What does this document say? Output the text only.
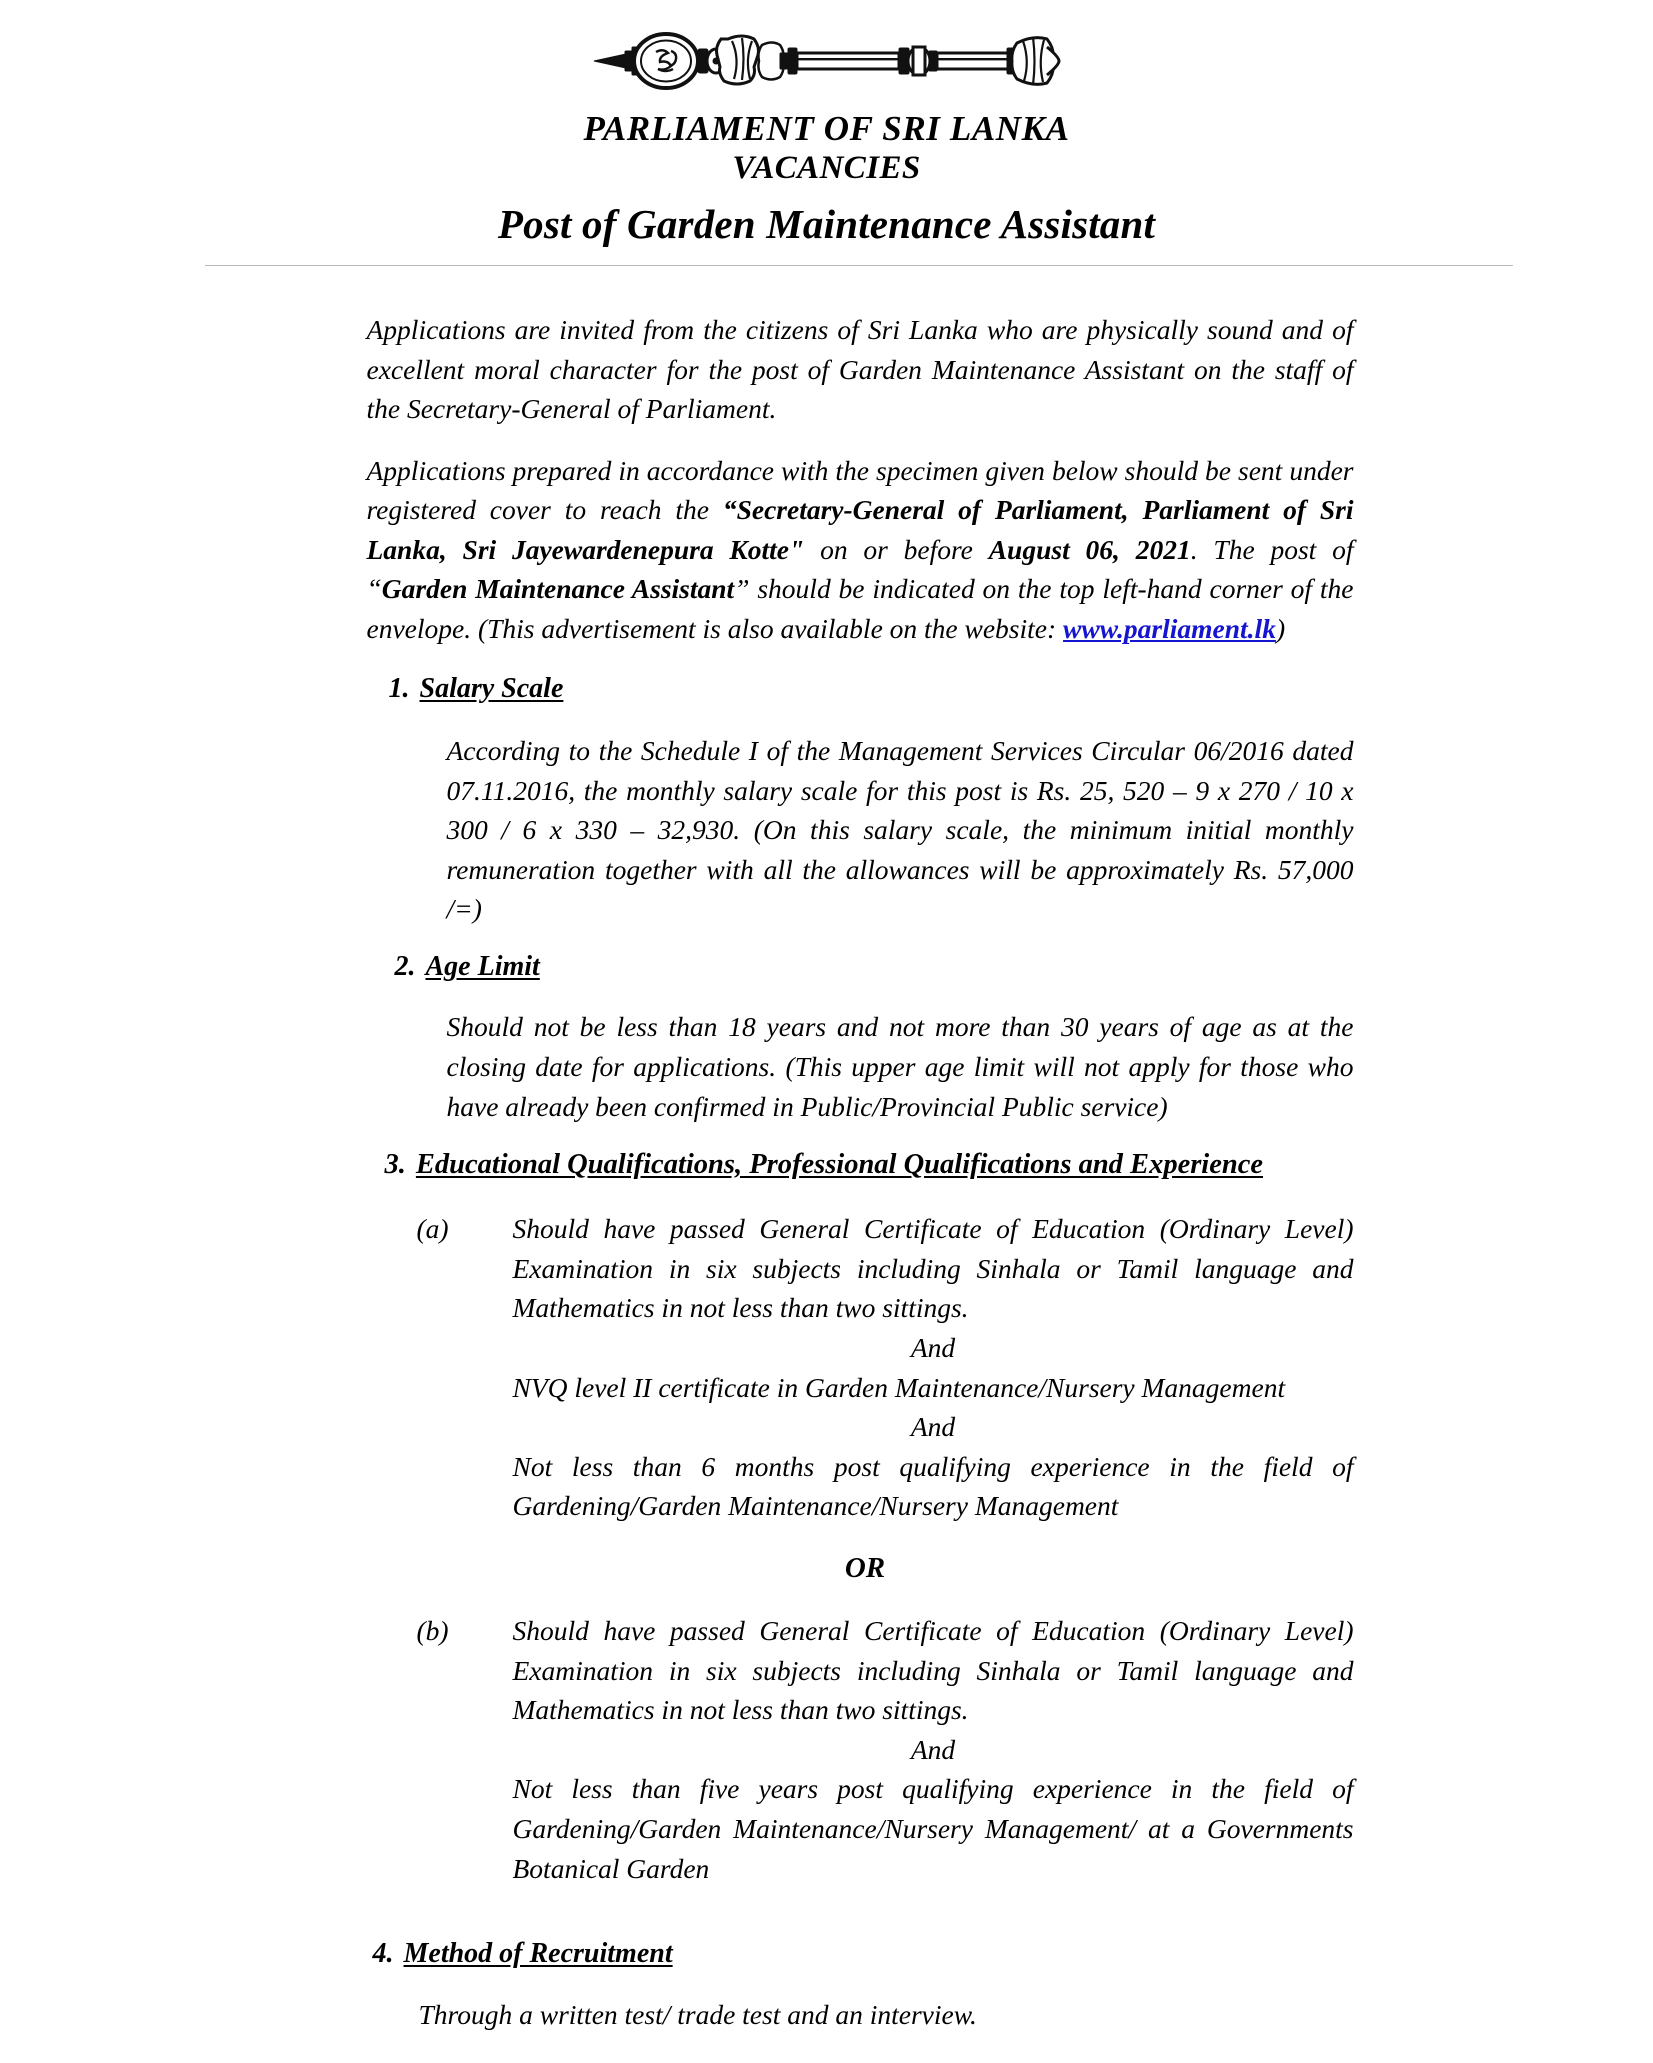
PARLIAMENT OF SRI LANKA
VACANCIES
Post of Garden Maintenance Assistant

Applications are invited from the citizens of Sri Lanka who are physically sound and of excellent moral character for the post of Garden Maintenance Assistant on the staff of the Secretary-General of Parliament.

Applications prepared in accordance with the specimen given below should be sent under registered cover to reach the “Secretary-General of Parliament, Parliament of Sri Lanka, Sri Jayewardenepura Kotte" on or before August 06, 2021. The post of “Garden Maintenance Assistant” should be indicated on the top left-hand corner of the envelope. (This advertisement is also available on the website: www.parliament.lk)

1. Salary Scale
According to the Schedule I of the Management Services Circular 06/2016 dated 07.11.2016, the monthly salary scale for this post is Rs. 25, 520 – 9 x 270 / 10 x 300 / 6 x 330 – 32,930. (On this salary scale, the minimum initial monthly remuneration together with all the allowances will be approximately Rs. 57,000 /=)
2. Age Limit
Should not be less than 18 years and not more than 30 years of age as at the closing date for applications. (This upper age limit will not apply for those who have already been confirmed in Public/Provincial Public service)
3. Educational Qualifications, Professional Qualifications and Experience
(a)	Should have passed General Certificate of Education (Ordinary Level) Examination in six subjects including Sinhala or Tamil language and Mathematics in not less than two sittings.

And

NVQ level II certificate in Garden Maintenance/Nursery Management

And

Not less than 6 months post qualifying experience in the field of Gardening/Garden Maintenance/Nursery Management

OR
(b)	Should have passed General Certificate of Education (Ordinary Level) Examination in six subjects including Sinhala or Tamil language and Mathematics in not less than two sittings.

And

Not less than five years post qualifying experience in the field of Gardening/Garden Maintenance/Nursery Management/ at a Governments Botanical Garden

4. Method of Recruitment
Through a written test/ trade test and an interview.
